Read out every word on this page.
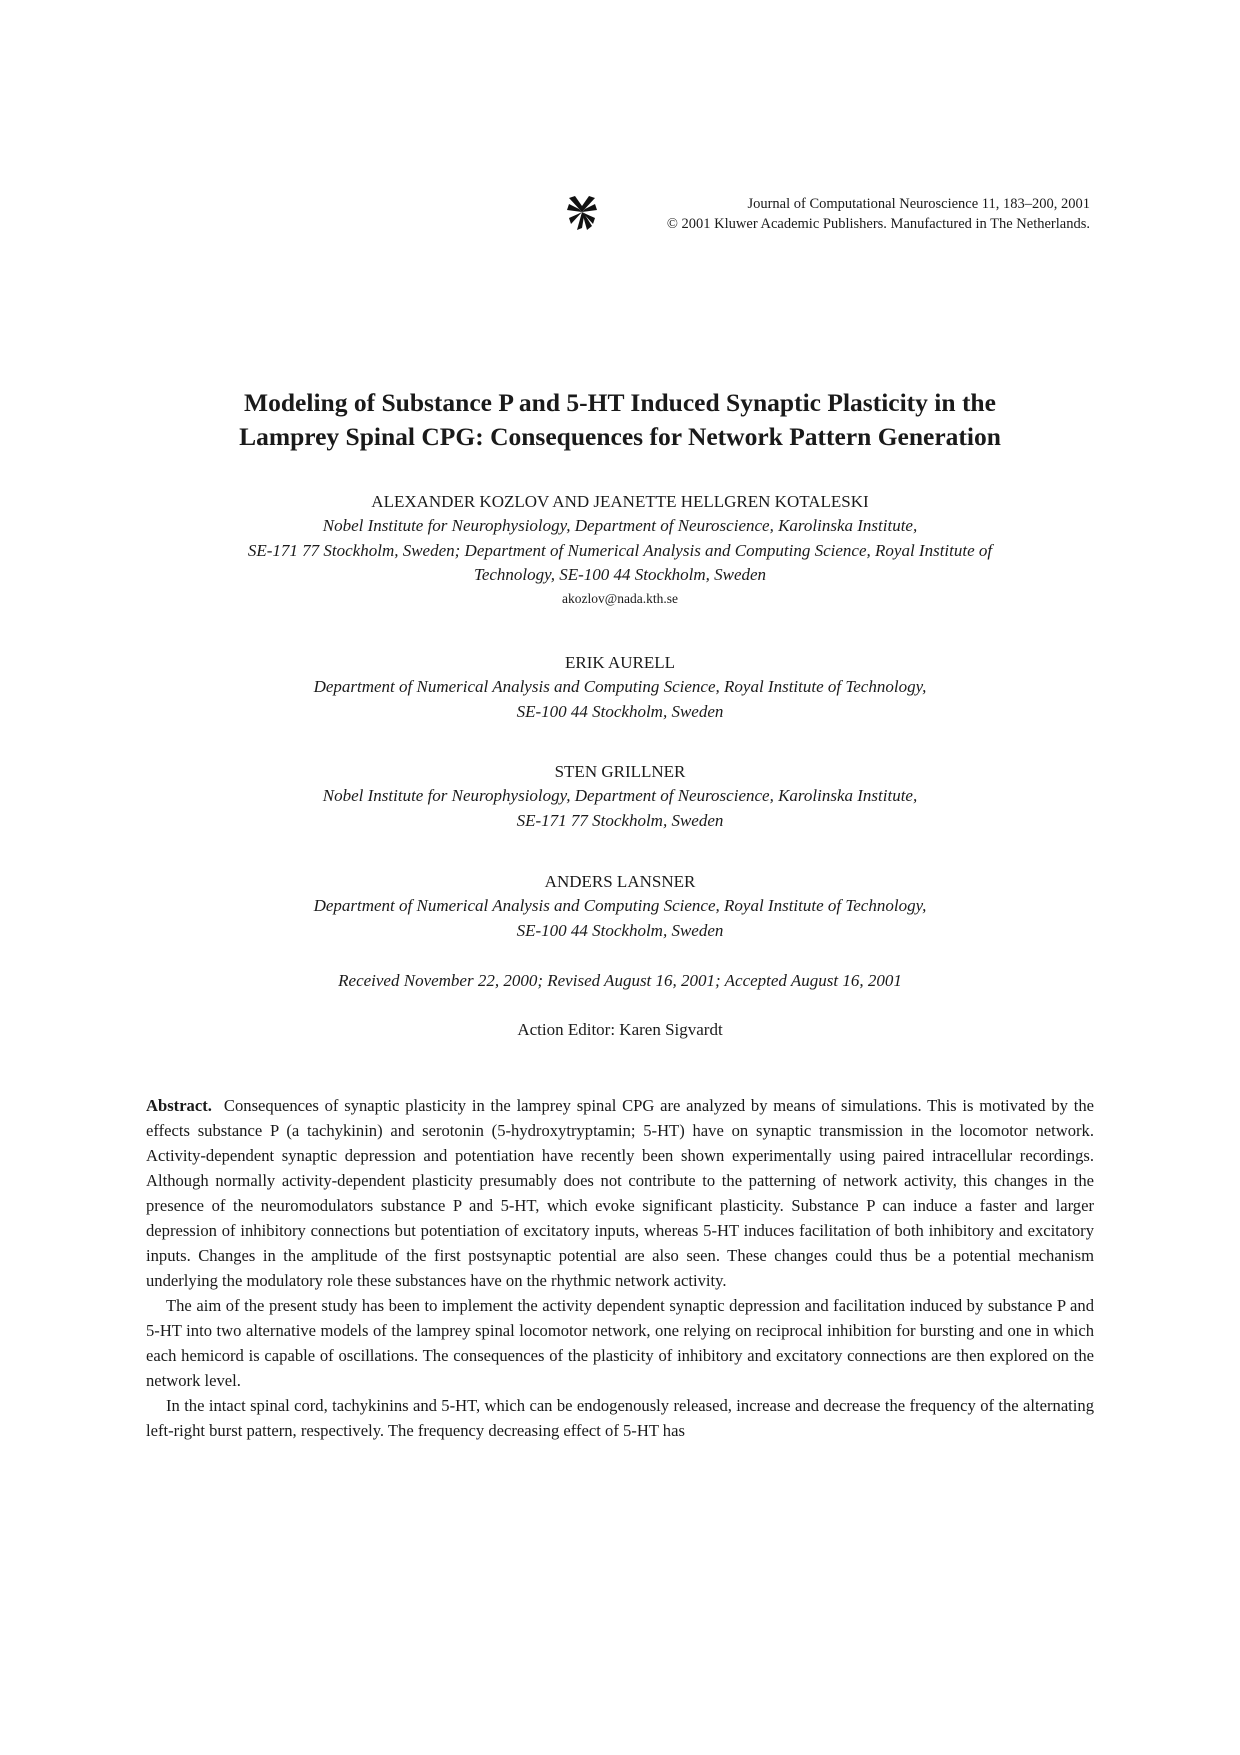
Journal of Computational Neuroscience 11, 183–200, 2001
© 2001 Kluwer Academic Publishers. Manufactured in The Netherlands.
Modeling of Substance P and 5-HT Induced Synaptic Plasticity in the
Lamprey Spinal CPG: Consequences for Network Pattern Generation
ALEXANDER KOZLOV AND JEANETTE HELLGREN KOTALESKI
Nobel Institute for Neurophysiology, Department of Neuroscience, Karolinska Institute,
SE-171 77 Stockholm, Sweden; Department of Numerical Analysis and Computing Science, Royal Institute of
Technology, SE-100 44 Stockholm, Sweden
akozlov@nada.kth.se
ERIK AURELL
Department of Numerical Analysis and Computing Science, Royal Institute of Technology,
SE-100 44 Stockholm, Sweden
STEN GRILLNER
Nobel Institute for Neurophysiology, Department of Neuroscience, Karolinska Institute,
SE-171 77 Stockholm, Sweden
ANDERS LANSNER
Department of Numerical Analysis and Computing Science, Royal Institute of Technology,
SE-100 44 Stockholm, Sweden
Received November 22, 2000; Revised August 16, 2001; Accepted August 16, 2001
Action Editor: Karen Sigvardt

Abstract. Consequences of synaptic plasticity in the lamprey spinal CPG are analyzed by means of simulations. This is motivated by the effects substance P (a tachykinin) and serotonin (5-hydroxytryptamin; 5-HT) have on synaptic transmission in the locomotor network. Activity-dependent synaptic depression and potentiation have recently been shown experimentally using paired intracellular recordings. Although normally activity-dependent plasticity presumably does not contribute to the patterning of network activity, this changes in the presence of the neuromodulators substance P and 5-HT, which evoke significant plasticity. Substance P can induce a faster and larger depression of inhibitory connections but potentiation of excitatory inputs, whereas 5-HT induces facilitation of both inhibitory and excitatory inputs. Changes in the amplitude of the first postsynaptic potential are also seen. These changes could thus be a potential mechanism underlying the modulatory role these substances have on the rhythmic network activity.

The aim of the present study has been to implement the activity dependent synaptic depression and facilitation induced by substance P and 5-HT into two alternative models of the lamprey spinal locomotor network, one relying on reciprocal inhibition for bursting and one in which each hemicord is capable of oscillations. The consequences of the plasticity of inhibitory and excitatory connections are then explored on the network level.

In the intact spinal cord, tachykinins and 5-HT, which can be endogenously released, increase and decrease the frequency of the alternating left-right burst pattern, respectively. The frequency decreasing effect of 5-HT has
